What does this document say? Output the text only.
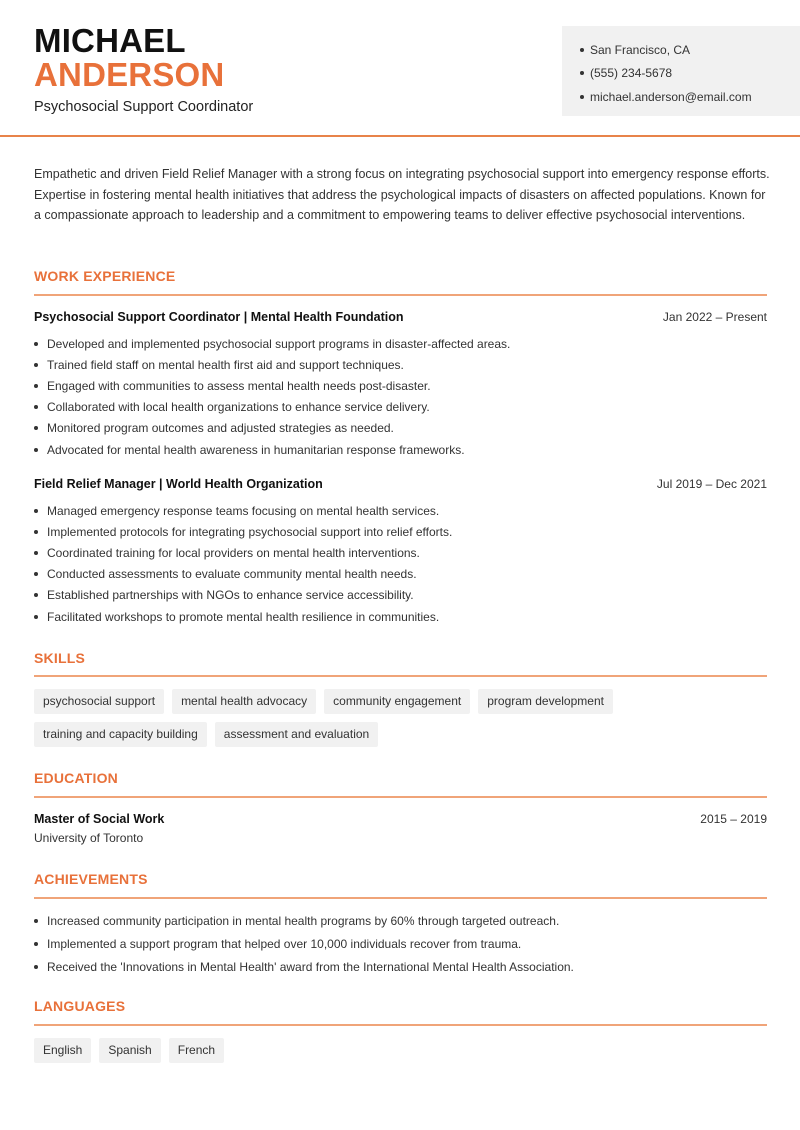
MICHAEL
ANDERSON
Psychosocial Support Coordinator
San Francisco, CA
(555) 234-5678
michael.anderson@email.com

Empathetic and driven Field Relief Manager with a strong focus on integrating psychosocial support into emergency response efforts. Expertise in fostering mental health initiatives that address the psychological impacts of disasters on affected populations. Known for a compassionate approach to leadership and a commitment to empowering teams to deliver effective psychosocial interventions.

WORK EXPERIENCE
Psychosocial Support Coordinator | Mental Health Foundation	Jan 2022 – Present
Developed and implemented psychosocial support programs in disaster-affected areas.
Trained field staff on mental health first aid and support techniques.
Engaged with communities to assess mental health needs post-disaster.
Collaborated with local health organizations to enhance service delivery.
Monitored program outcomes and adjusted strategies as needed.
Advocated for mental health awareness in humanitarian response frameworks.
Field Relief Manager | World Health Organization	Jul 2019 – Dec 2021
Managed emergency response teams focusing on mental health services.
Implemented protocols for integrating psychosocial support into relief efforts.
Coordinated training for local providers on mental health interventions.
Conducted assessments to evaluate community mental health needs.
Established partnerships with NGOs to enhance service accessibility.
Facilitated workshops to promote mental health resilience in communities.
SKILLS
psychosocial support	mental health advocacy	community engagement	program development
training and capacity building	assessment and evaluation
EDUCATION
Master of Social Work
University of Toronto
2015 – 2019
ACHIEVEMENTS
Increased community participation in mental health programs by 60% through targeted outreach.
Implemented a support program that helped over 10,000 individuals recover from trauma.
Received the 'Innovations in Mental Health' award from the International Mental Health Association.
LANGUAGES
English	Spanish	French
